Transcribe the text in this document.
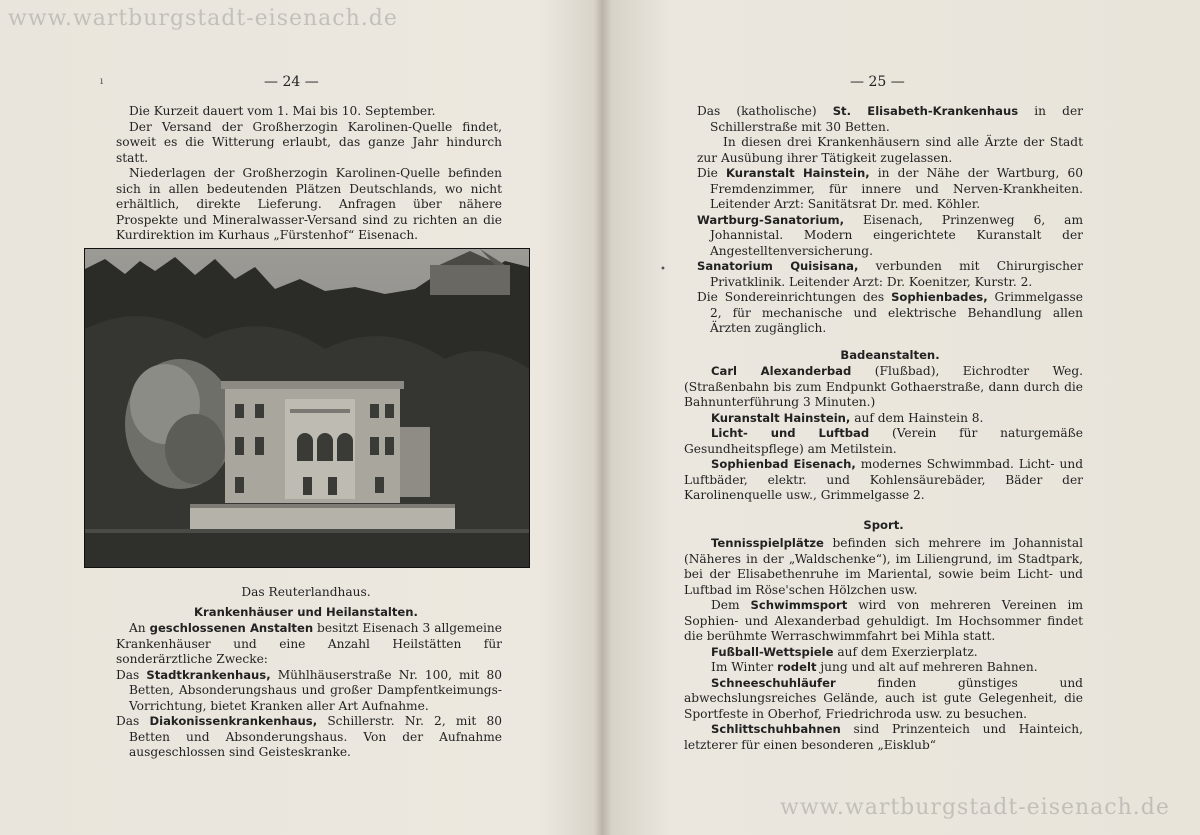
www.wartburgstadt-eisenach.de
www.wartburgstadt-eisenach.de
ı	— 24 —

Die Kurzeit dauert vom 1. Mai bis 10. September.

Der Versand der Großherzogin Karolinen-Quelle findet, soweit es die Witterung erlaubt, das ganze Jahr hindurch statt.

Niederlagen der Großherzogin Karolinen-Quelle befinden sich in allen bedeutenden Plätzen Deutschlands, wo nicht erhältlich, direkte Lieferung. Anfragen über nähere Prospekte und Mineralwasser-Versand sind zu richten an die Kurdirektion im Kurhaus „Fürstenhof“ Eisenach.

Das Reuterlandhaus.
Krankenhäuser und Heilanstalten.

An geschlossenen Anstalten besitzt Eisenach 3 allgemeine Krankenhäuser und eine Anzahl Heilstätten für sonderärztliche Zwecke:

Das Stadtkrankenhaus, Mühlhäuserstraße Nr. 100, mit 80 Betten, Absonderungshaus und großer Dampfentkeimungs-Vorrichtung, bietet Kranken aller Art Aufnahme.

Das Diakonissenkrankenhaus, Schillerstr. Nr. 2, mit 80 Betten und Absonderungshaus. Von der Aufnahme ausgeschlossen sind Geisteskranke.

— 25 —
•

Das (katholische) St. Elisabeth-Krankenhaus in der Schillerstraße mit 30 Betten.

In diesen drei Krankenhäusern sind alle Ärzte der Stadt zur Ausübung ihrer Tätigkeit zugelassen.

Die Kuranstalt Hainstein, in der Nähe der Wartburg, 60 Fremdenzimmer, für innere und Nerven-Krankheiten. Leitender Arzt: Sanitätsrat Dr. med. Köhler.

Wartburg-Sanatorium, Eisenach, Prinzenweg 6, am Johannistal. Modern eingerichtete Kuranstalt der Angestelltenversicherung.

Sanatorium Quisisana, verbunden mit Chirurgischer Privatklinik. Leitender Arzt: Dr. Koenitzer, Kurstr. 2.

Die Sondereinrichtungen des Sophienbades, Grimmelgasse 2, für mechanische und elektrische Behandlung allen Ärzten zugänglich.

Badeanstalten.

Carl Alexanderbad (Flußbad), Eichrodter Weg. (Straßenbahn bis zum Endpunkt Gothaerstraße, dann durch die Bahnunterführung 3 Minuten.)

Kuranstalt Hainstein, auf dem Hainstein 8.

Licht- und Luftbad (Verein für naturgemäße Gesundheitspflege) am Metilstein.

Sophienbad Eisenach, modernes Schwimmbad. Licht- und Luftbäder, elektr. und Kohlensäurebäder, Bäder der Karolinenquelle usw., Grimmelgasse 2.

Sport.

Tennisspielplätze befinden sich mehrere im Johannistal (Näheres in der „Waldschenke“), im Liliengrund, im Stadtpark, bei der Elisabethenruhe im Mariental, sowie beim Licht- und Luftbad im Röse'schen Hölzchen usw.

Dem Schwimmsport wird von mehreren Vereinen im Sophien- und Alexanderbad gehuldigt. Im Hochsommer findet die berühmte Werraschwimmfahrt bei Mihla statt.

Fußball-Wettspiele auf dem Exerzierplatz.

Im Winter rodelt jung und alt auf mehreren Bahnen.

Schneeschuhläufer finden günstiges und abwechslungsreiches Gelände, auch ist gute Gelegenheit, die Sportfeste in Oberhof, Friedrichroda usw. zu besuchen.

Schlittschuhbahnen sind Prinzenteich und Hainteich, letzterer für einen besonderen „Eisklub“
